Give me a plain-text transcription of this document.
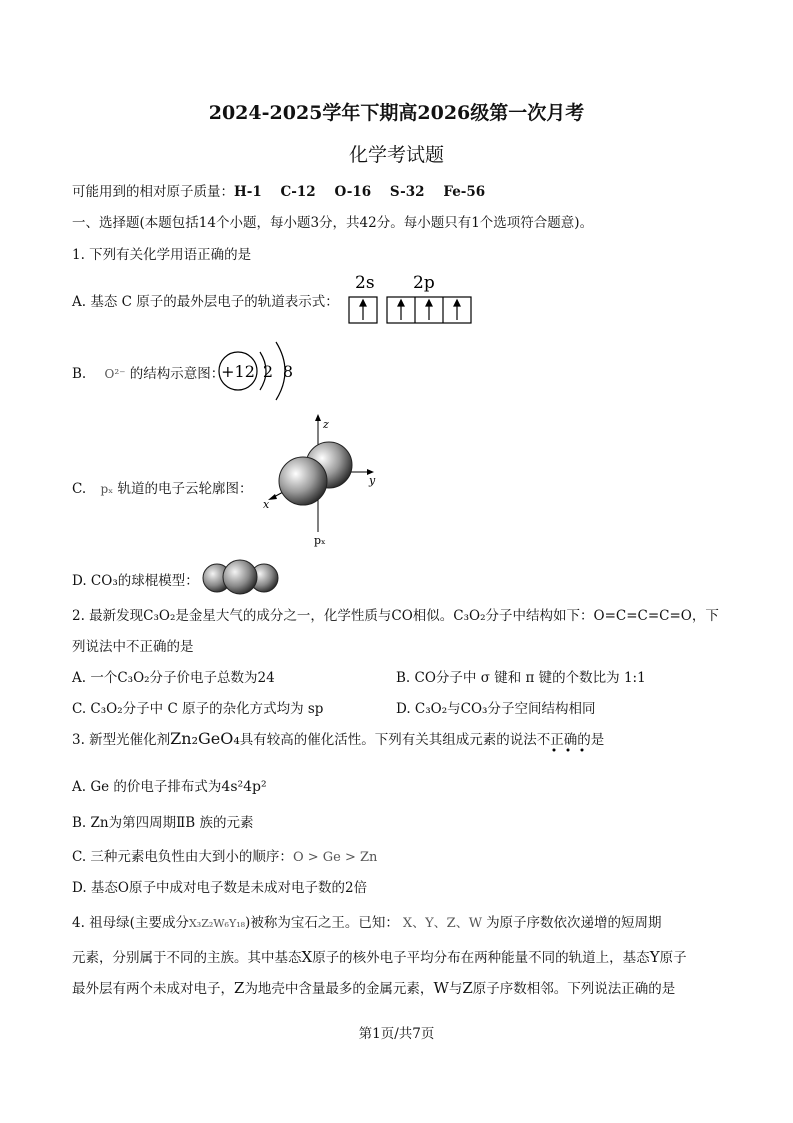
2024-2025学年下期高2026级第一次月考
化学考试题
可能用到的相对原子质量：H-1    C-12    O-16    S-32    Fe-56
一、选择题(本题包括14个小题，每小题3分，共42分。每小题只有1个选项符合题意)。
1. 下列有关化学用语正确的是
A. 基态 C 原子的最外层电子的轨道表示式：
2s 2p
B. O²⁻ 的结构示意图：
+12 2 8
C. pₓ 轨道的电子云轮廓图：
z
y
x
pₓ
D. CO₃的球棍模型：
2. 最新发现C₃O₂是金星大气的成分之一，化学性质与CO相似。C₃O₂分子中结构如下：O=C=C=C=O，下
列说法中不正确的是
A. 一个C₃O₂分子价电子总数为24	B. CO分子中 σ 键和 π 键的个数比为 1:1
C. C₃O₂分子中 C 原子的杂化方式均为 sp	D. C₃O₂与CO₃分子空间结构相同
3. 新型光催化剂Zn₂GeO₄具有较高的催化活性。下列有关其组成元素的说法不正确的是
A. Ge 的价电子排布式为4s²4p²
B. Zn为第四周期ⅡB 族的元素
C. 三种元素电负性由大到小的顺序：O > Ge > Zn
D. 基态O原子中成对电子数是未成对电子数的2倍
4. 祖母绿(主要成分X₃Z₂W₆Y₁₈)被称为宝石之王。已知： X、Y、Z、W 为原子序数依次递增的短周期
元素，分别属于不同的主族。其中基态X原子的核外电子平均分布在两种能量不同的轨道上，基态Y原子
最外层有两个未成对电子，Z为地壳中含量最多的金属元素，W与Z原子序数相邻。下列说法正确的是
第1页/共7页
